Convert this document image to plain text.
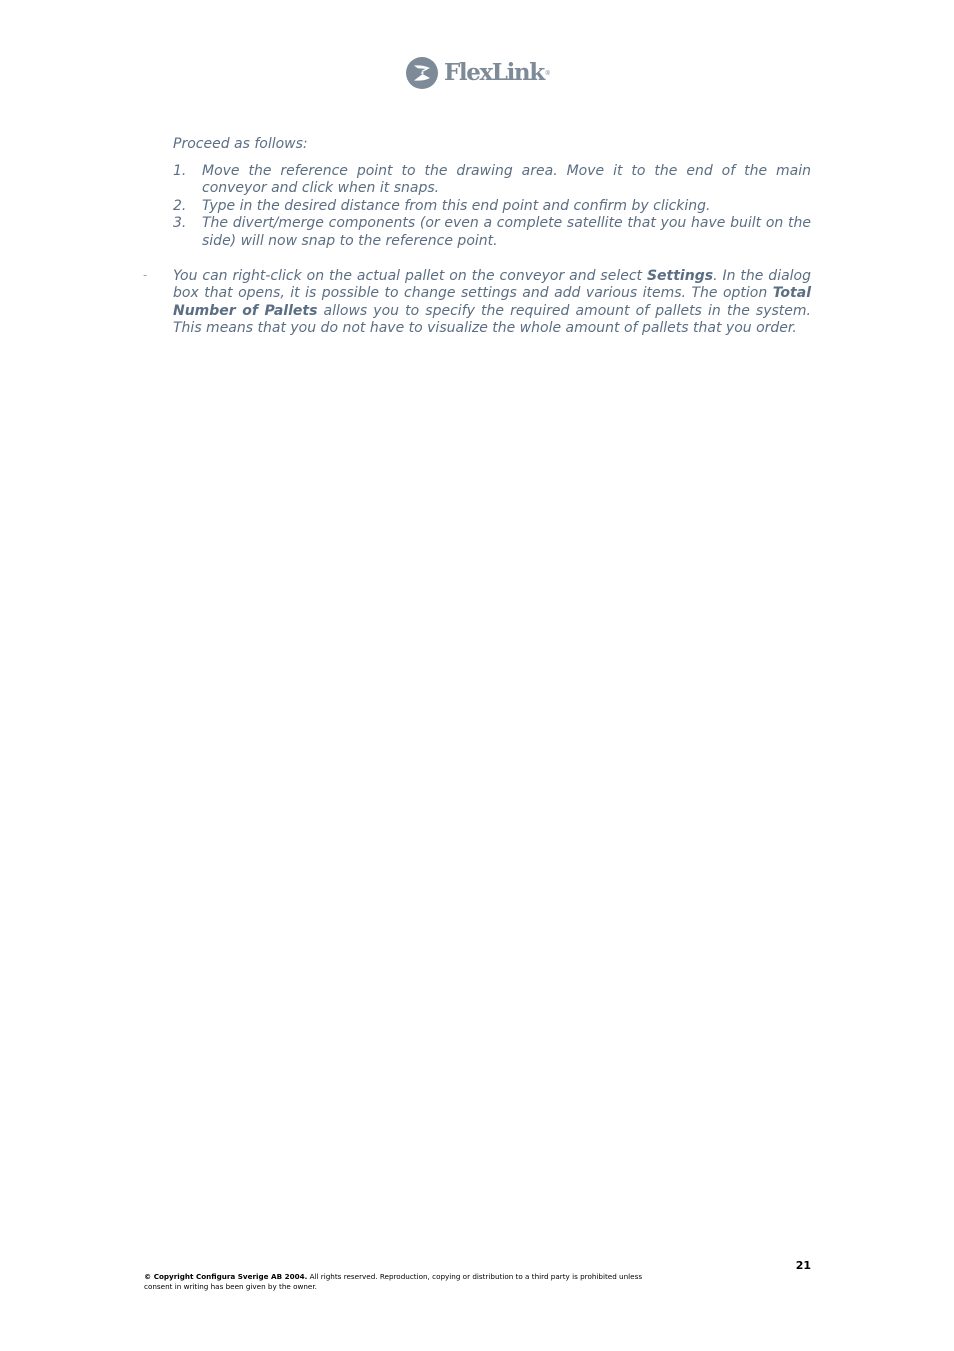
FlexLink ®

Proceed as follows:

1. Move the reference point to the drawing area. Move it to the end of the main conveyor and click when it snaps.
2. Type in the desired distance from this end point and confirm by clicking.
3. The divert/merge components (or even a complete satellite that you have built on the side) will now snap to the reference point.

- You can right-click on the actual pallet on the conveyor and select Settings. In the dialog box that opens, it is possible to change settings and add various items. The option Total Number of Pallets allows you to specify the required amount of pallets in the system. This means that you do not have to visualize the whole amount of pallets that you order.

21
© Copyright Configura Sverige AB 2004. All rights reserved. Reproduction, copying or distribution to a third party is prohibited unless
consent in writing has been given by the owner.
